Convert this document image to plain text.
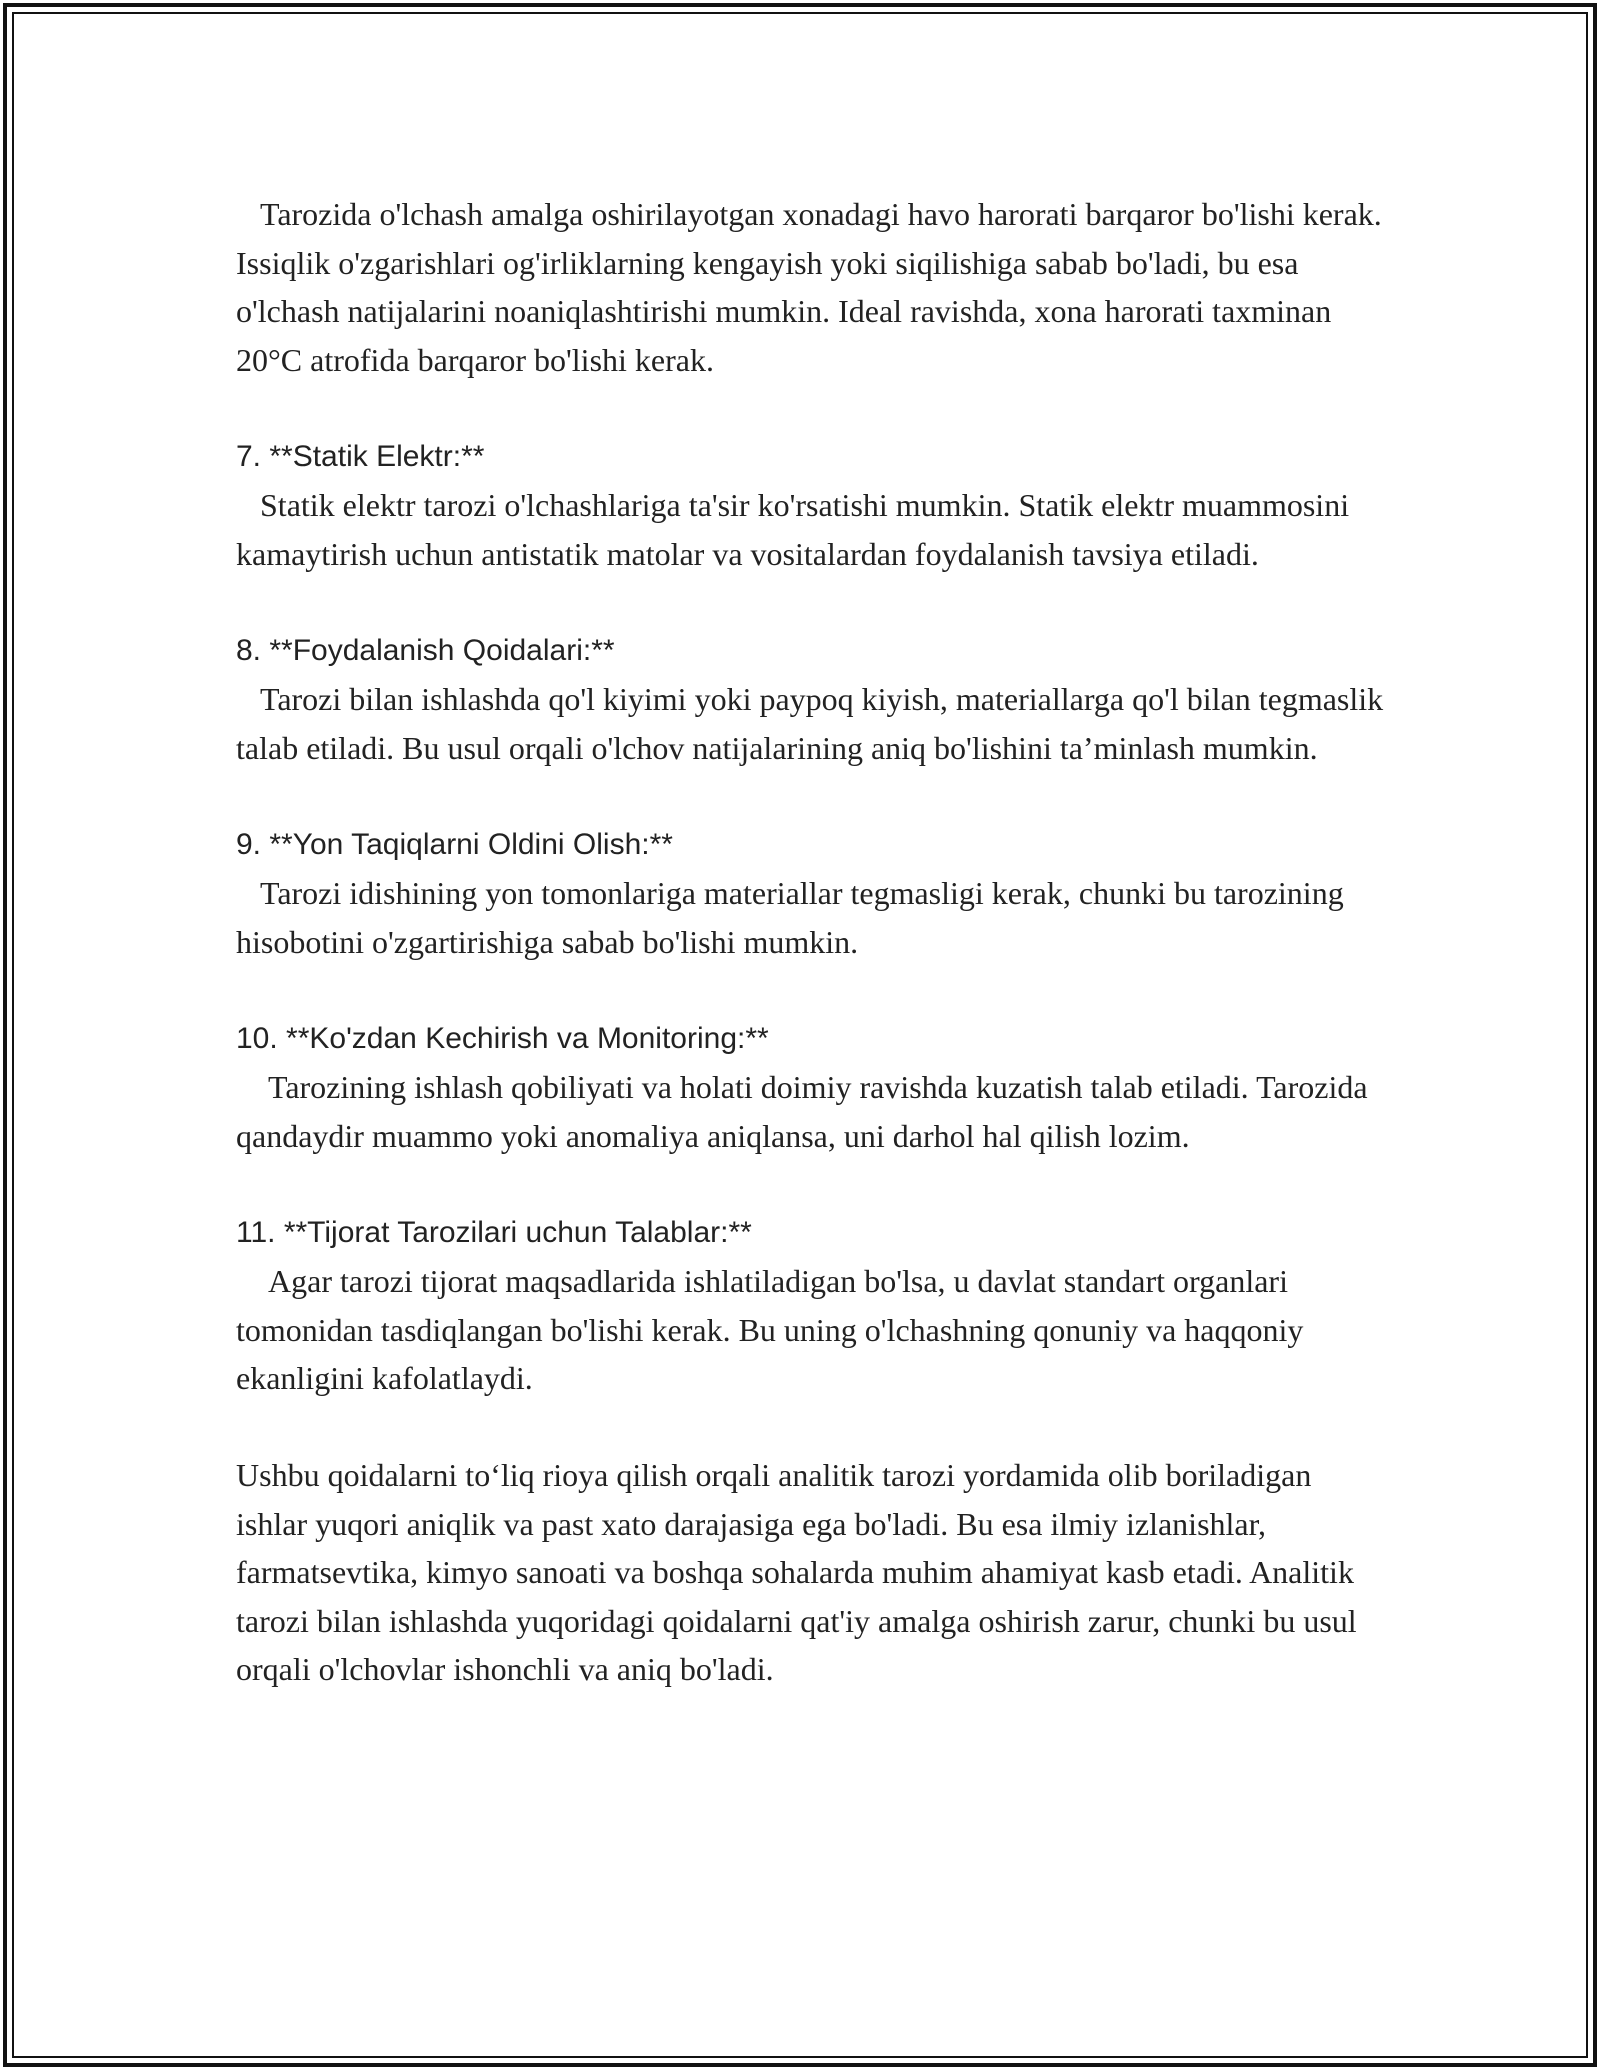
Tarozida o'lchash amalga oshirilayotgan xonadagi havo harorati barqaror bo'lishi kerak. Issiqlik o'zgarishlari og'irliklarning kengayish yoki siqilishiga sabab bo'ladi, bu esa o'lchash natijalarini noaniqlashtirishi mumkin. Ideal ravishda, xona harorati taxminan 20°C atrofida barqaror bo'lishi kerak.

7. **Statik Elektr:**

Statik elektr tarozi o'lchashlariga ta'sir ko'rsatishi mumkin. Statik elektr muammosini kamaytirish uchun antistatik matolar va vositalardan foydalanish tavsiya etiladi.

8. **Foydalanish Qoidalari:**

Tarozi bilan ishlashda qo'l kiyimi yoki paypoq kiyish, materiallarga qo'l bilan tegmaslik talab etiladi. Bu usul orqali o'lchov natijalarining aniq bo'lishini ta’minlash mumkin.

9. **Yon Taqiqlarni Oldini Olish:**

Tarozi idishining yon tomonlariga materiallar tegmasligi kerak, chunki bu tarozining hisobotini o'zgartirishiga sabab bo'lishi mumkin.

10. **Ko'zdan Kechirish va Monitoring:**

Tarozining ishlash qobiliyati va holati doimiy ravishda kuzatish talab etiladi. Tarozida qandaydir muammo yoki anomaliya aniqlansa, uni darhol hal qilish lozim.

11. **Tijorat Tarozilari uchun Talablar:**

Agar tarozi tijorat maqsadlarida ishlatiladigan bo'lsa, u davlat standart organlari tomonidan tasdiqlangan bo'lishi kerak. Bu uning o'lchashning qonuniy va haqqoniy ekanligini kafolatlaydi.

Ushbu qoidalarni to‘liq rioya qilish orqali analitik tarozi yordamida olib boriladigan ishlar yuqori aniqlik va past xato darajasiga ega bo'ladi. Bu esa ilmiy izlanishlar, farmatsevtika, kimyo sanoati va boshqa sohalarda muhim ahamiyat kasb etadi. Analitik tarozi bilan ishlashda yuqoridagi qoidalarni qat'iy amalga oshirish zarur, chunki bu usul orqali o'lchovlar ishonchli va aniq bo'ladi.
